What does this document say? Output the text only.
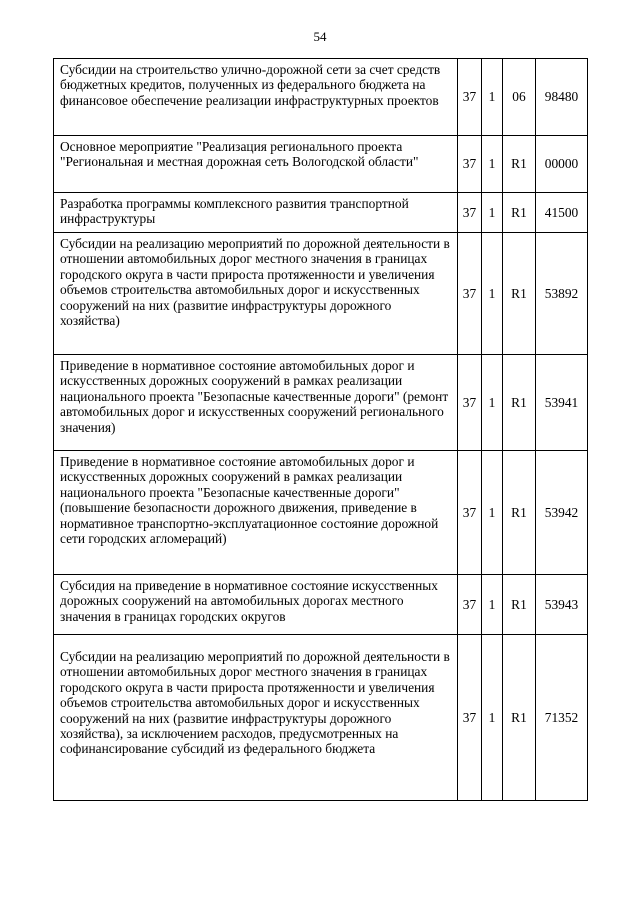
54
Субсидии на строительство улично-дорожной сети за счет средств бюджетных кредитов, полученных из федерального бюджета на финансовое обеспечение реализации инфраструктурных проектов	37	1	06	98480
Основное мероприятие "Реализация регионального проекта "Региональная и местная дорожная сеть Вологодской области"	37	1	R1	00000
Разработка программы комплексного развития транспортной инфраструктуры	37	1	R1	41500
Субсидии на реализацию мероприятий по дорожной деятельности в отношении автомобильных дорог местного значения в границах городского округа в части прироста протяженности и увеличения объемов строительства автомобильных дорог и искусственных сооружений на них (развитие инфраструктуры дорожного хозяйства)	37	1	R1	53892
Приведение в нормативное состояние автомобильных дорог и искусственных дорожных сооружений в рамках реализации национального проекта "Безопасные качественные дороги" (ремонт автомобильных дорог и искусственных сооружений регионального значения)	37	1	R1	53941
Приведение в нормативное состояние автомобильных дорог и искусственных дорожных сооружений в рамках реализации национального проекта "Безопасные качественные дороги" (повышение безопасности дорожного движения, приведение в нормативное транспортно-эксплуатационное состояние дорожной сети городских агломераций)	37	1	R1	53942
Субсидия на приведение в нормативное состояние искусственных дорожных сооружений на автомобильных дорогах местного значения в границах городских округов	37	1	R1	53943
Субсидии на реализацию мероприятий по дорожной деятельности в отношении автомобильных дорог местного значения в границах городского округа в части прироста протяженности и увеличения объемов строительства автомобильных дорог и искусственных сооружений на них (развитие инфраструктуры дорожного хозяйства), за исключением расходов, предусмотренных на софинансирование субсидий из федерального бюджета	37	1	R1	71352
